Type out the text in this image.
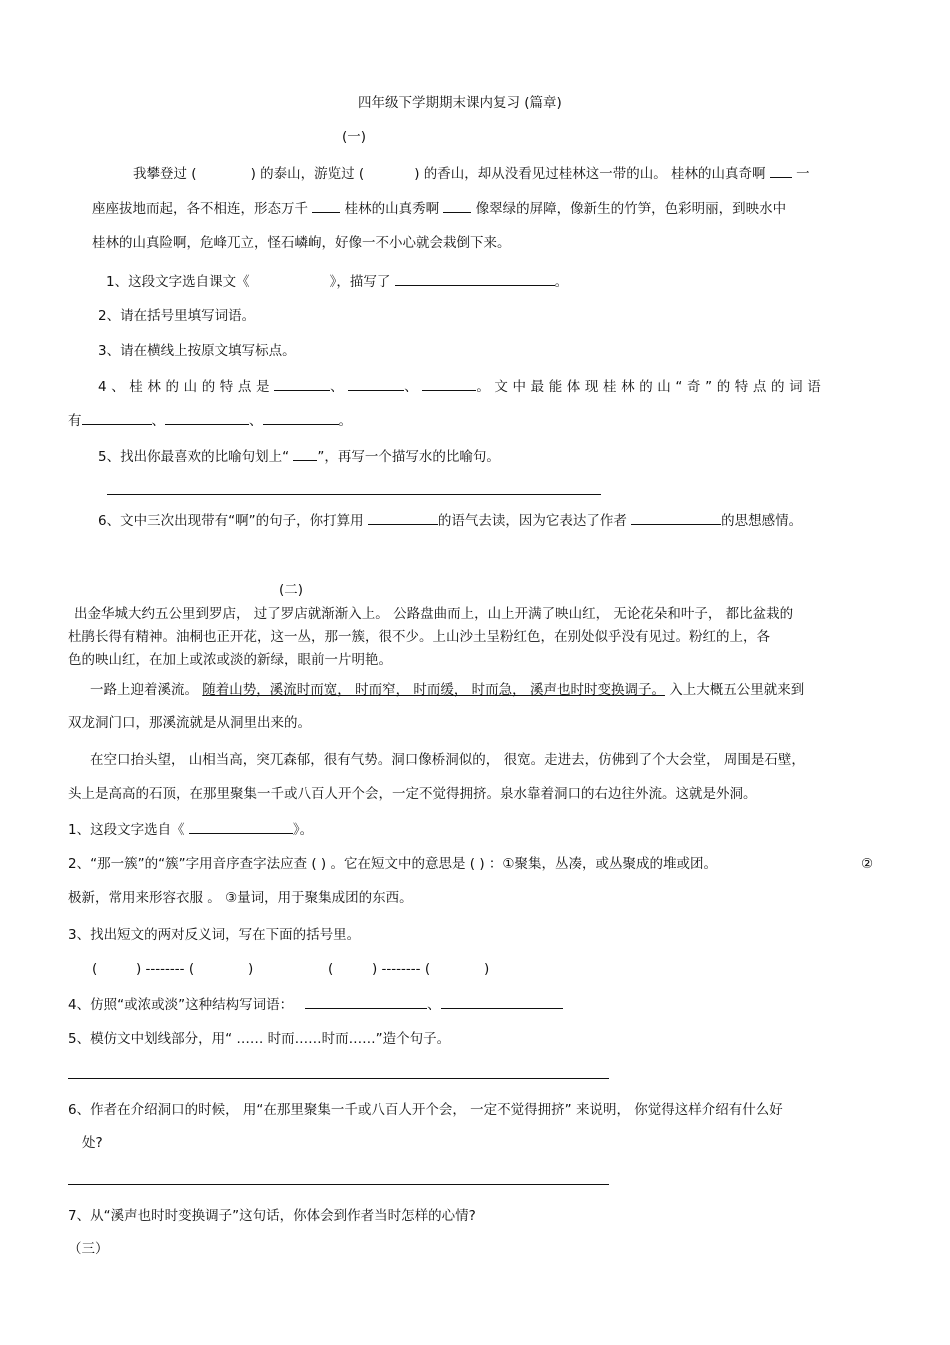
四年级下学期期末课内复习 (篇章)
(一)
我攀登过 (	) 的泰山，游览过 (	) 的香山，却从没看见过桂林这一带的山。 桂林的山真奇啊  一
座座拔地而起，各不相连，形态万千  桂林的山真秀啊  像翠绿的屏障，像新生的竹笋，色彩明丽，到映水中
桂林的山真险啊，危峰兀立，怪石嶙峋，好像一不小心就会栽倒下来。
1、这段文字选自课文《	》，描写了	。
2、请在括号里填写词语。
3、请在横线上按原文填写标点。
4、桂林的山的特点是	、	、	。文中最能体现桂林的山“奇”的特点的词语
有	、	、	。
5、找出你最喜欢的比喻句划上“ ”，再写一个描写水的比喻句。
6、文中三次出现带有“啊”的句子，你打算用	的语气去读，因为它表达了作者	的思想感情。
(二)
出金华城大约五公里到罗店， 过了罗店就渐渐入上。 公路盘曲而上，山上开满了映山红， 无论花朵和叶子， 都比盆栽的
杜鹃长得有精神。油桐也正开花，这一丛，那一簇，很不少。上山沙土呈粉红色，在别处似乎没有见过。粉红的上，各
色的映山红，在加上或浓或淡的新绿，眼前一片明艳。
一路上迎着溪流。 随着山势，溪流时而宽， 时而窄， 时而缓， 时而急， 溪声也时时变换调子。 入上大概五公里就来到
双龙洞门口，那溪流就是从洞里出来的。
在空口抬头望， 山相当高，突兀森郁，很有气势。洞口像桥洞似的， 很宽。走进去，仿佛到了个大会堂， 周围是石壁，
头上是高高的石顶，在那里聚集一千或八百人开个会，一定不觉得拥挤。泉水靠着洞口的右边往外流。这就是外洞。
1、这段文字选自《	》。
2、“那一簇”的“簇”字用音序查字法应查 ( ) 。它在短文中的意思是 ( ) ：①聚集，丛凑，或丛聚成的堆或团。	②
极新，常用来形容衣服 。 ③量词，用于聚集成团的东西。
3、找出短文的两对反义词，写在下面的括号里。
(	) -------- (	)	(	) -------- (	)
4、仿照“或浓或淡”这种结构写词语：	、
5、模仿文中划线部分，用“ …… 时而……时而……”造个句子。
6、作者在介绍洞口的时候， 用“在那里聚集一千或八百人开个会， 一定不觉得拥挤” 来说明， 你觉得这样介绍有什么好
处?
7、从“溪声也时时变换调子”这句话，你体会到作者当时怎样的心情?
（三）
